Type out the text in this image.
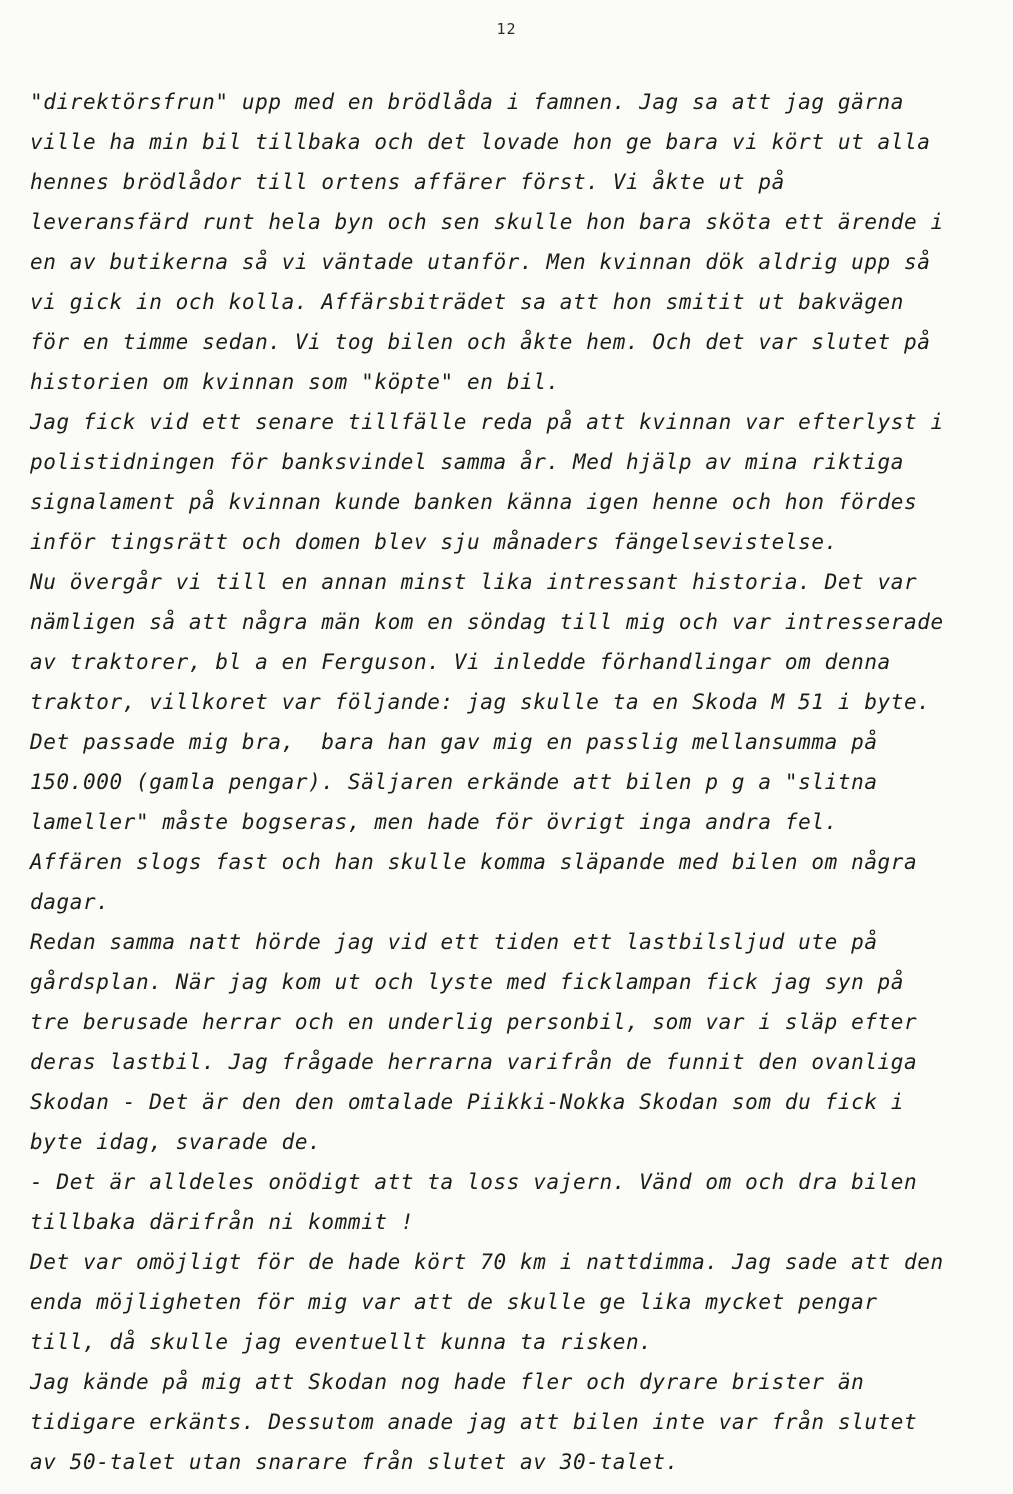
12
"direktörsfrun" upp med en brödlåda i famnen. Jag sa att jag gärna
ville ha min bil tillbaka och det lovade hon ge bara vi kört ut alla
hennes brödlådor till ortens affärer först. Vi åkte ut på
leveransfärd runt hela byn och sen skulle hon bara sköta ett ärende i
en av butikerna så vi väntade utanför. Men kvinnan dök aldrig upp så
vi gick in och kolla. Affärsbiträdet sa att hon smitit ut bakvägen
för en timme sedan. Vi tog bilen och åkte hem. Och det var slutet på
historien om kvinnan som "köpte" en bil.
Jag fick vid ett senare tillfälle reda på att kvinnan var efterlyst i
polistidningen för banksvindel samma år. Med hjälp av mina riktiga
signalament på kvinnan kunde banken känna igen henne och hon fördes
inför tingsrätt och domen blev sju månaders fängelsevistelse.
Nu övergår vi till en annan minst lika intressant historia. Det var
nämligen så att några män kom en söndag till mig och var intresserade
av traktorer, bl a en Ferguson. Vi inledde förhandlingar om denna
traktor, villkoret var följande: jag skulle ta en Skoda M 51 i byte.
Det passade mig bra,  bara han gav mig en passlig mellansumma på
150.000 (gamla pengar). Säljaren erkände att bilen p g a "slitna
lameller" måste bogseras, men hade för övrigt inga andra fel.
Affären slogs fast och han skulle komma släpande med bilen om några
dagar.
Redan samma natt hörde jag vid ett tiden ett lastbilsljud ute på
gårdsplan. När jag kom ut och lyste med ficklampan fick jag syn på
tre berusade herrar och en underlig personbil, som var i släp efter
deras lastbil. Jag frågade herrarna varifrån de funnit den ovanliga
Skodan - Det är den den omtalade Piikki-Nokka Skodan som du fick i
byte idag, svarade de.
- Det är alldeles onödigt att ta loss vajern. Vänd om och dra bilen
tillbaka därifrån ni kommit !
Det var omöjligt för de hade kört 70 km i nattdimma. Jag sade att den
enda möjligheten för mig var att de skulle ge lika mycket pengar
till, då skulle jag eventuellt kunna ta risken.
Jag kände på mig att Skodan nog hade fler och dyrare brister än
tidigare erkänts. Dessutom anade jag att bilen inte var från slutet
av 50-talet utan snarare från slutet av 30-talet.
